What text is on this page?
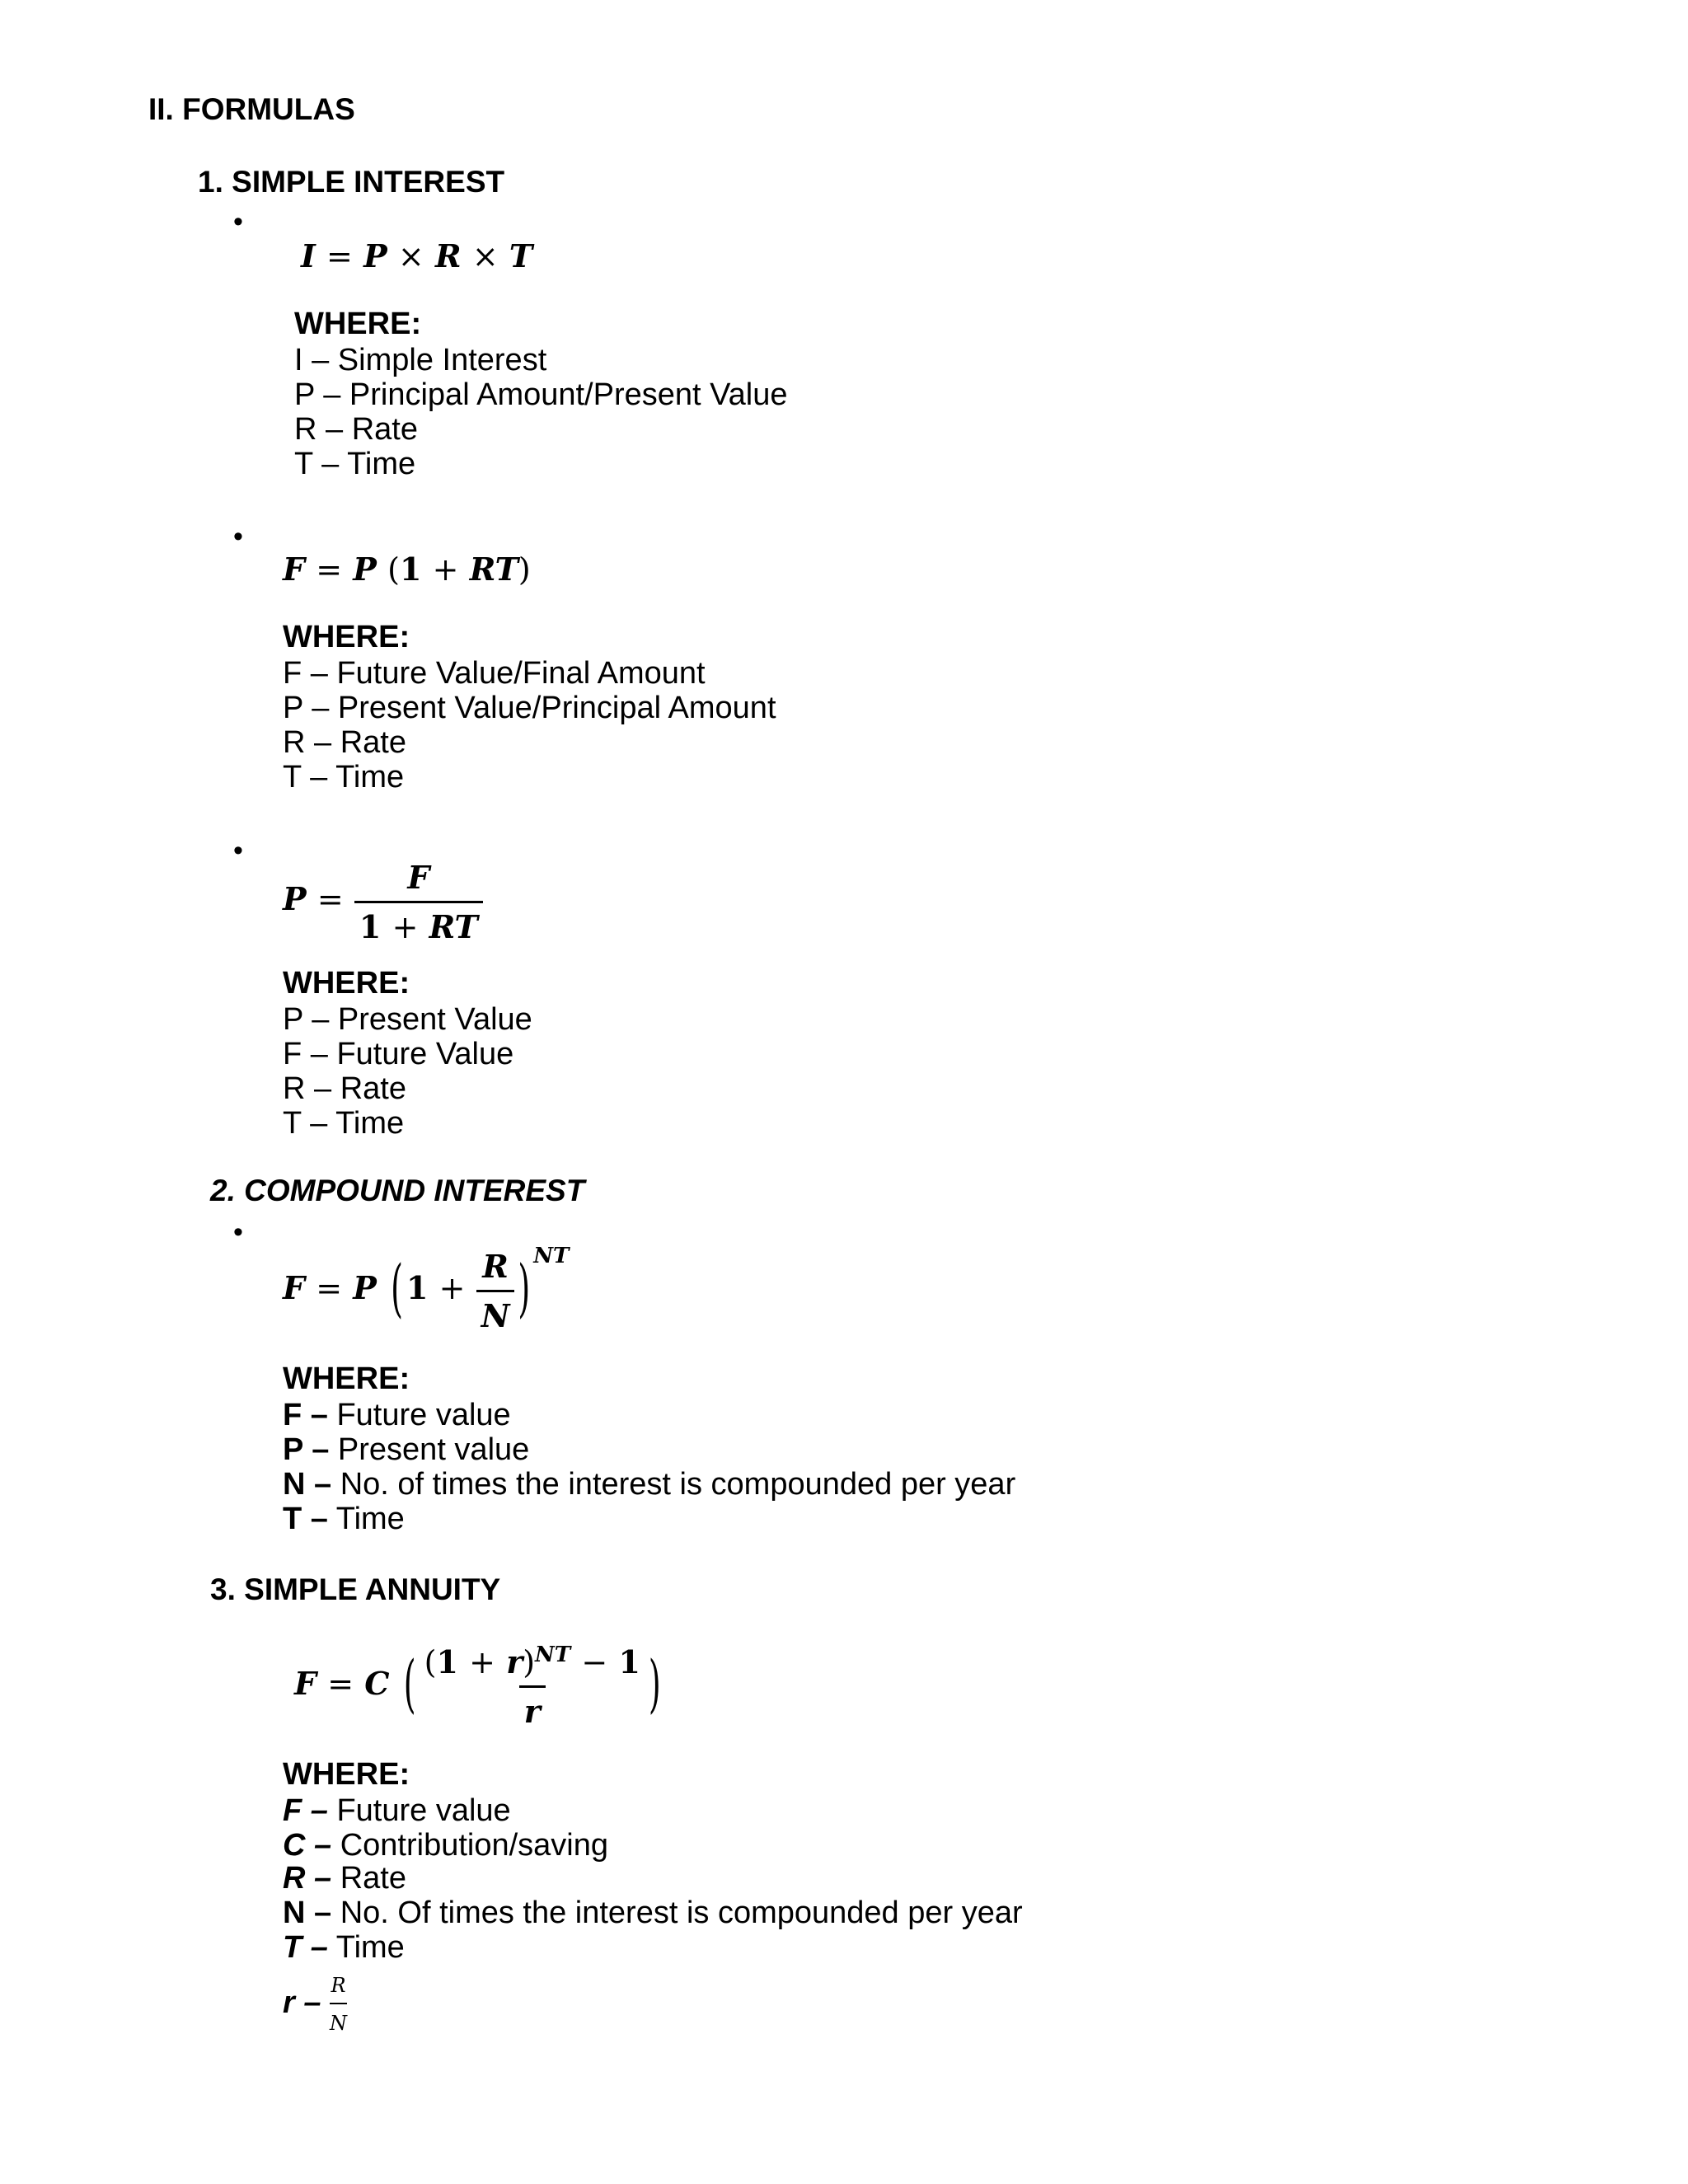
II. FORMULAS
1. SIMPLE INTEREST
•
I = P × R × T
WHERE:
I – Simple Interest
P – Principal Amount/Present Value
R – Rate
T – Time
•
F = P (1 + RT)
WHERE:
F – Future Value/Final Amount
P – Present Value/Principal Amount
R – Rate
T – Time
•
$P = \frac{F}{1 + RT}$
WHERE:
P – Present Value
F – Future Value
R – Rate
T – Time
2. COMPOUND INTEREST
•
F = P ( $1 + \frac{R}{N}$ ) $^{NT}$
WHERE:
F – Future value
P – Present value
N – No. of times the interest is compounded per year
T – Time
3. SIMPLE ANNUITY
F = C ( $\frac{(1 + r)^{NT} - 1}{r}$ )
WHERE:
F – Future value
C – Contribution/saving
R – Rate
N – No. Of times the interest is compounded per year
T – Time
r – $\frac{R}{N}$
